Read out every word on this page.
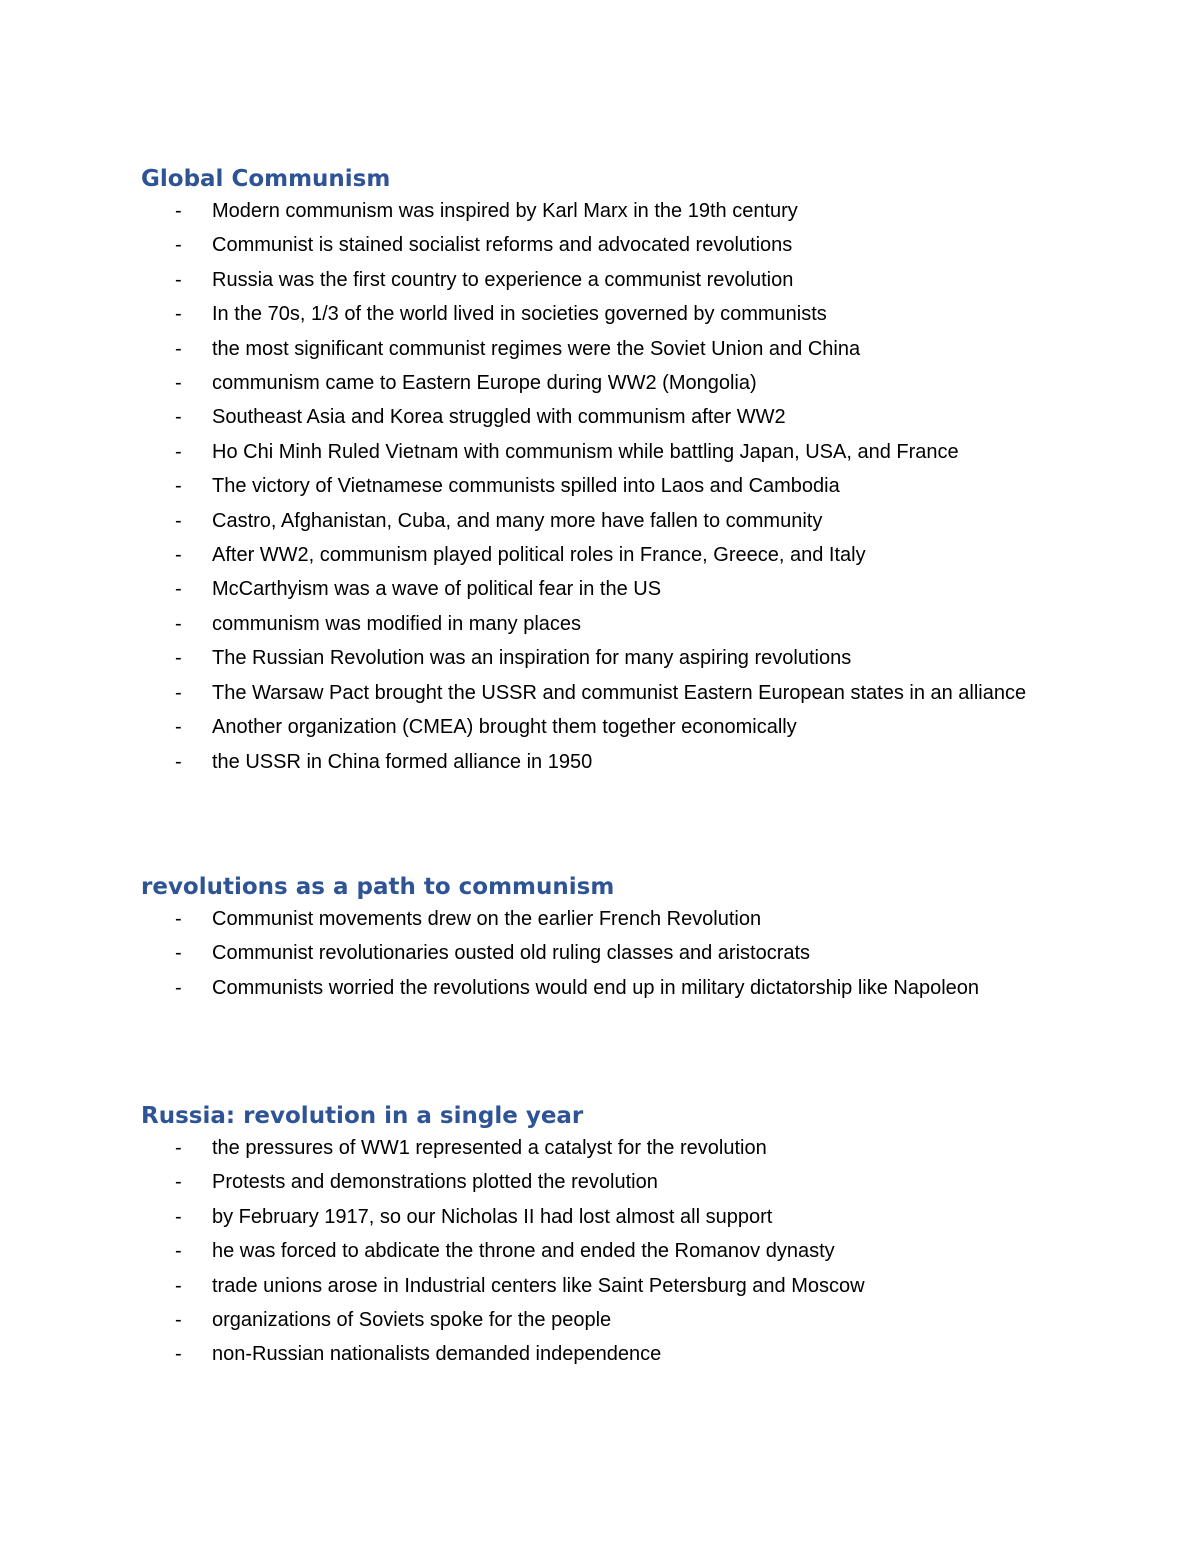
Global Communism
-	Modern communism was inspired by Karl Marx in the 19th century
-	Communist is stained socialist reforms and advocated revolutions
-	Russia was the first country to experience a communist revolution
-	In the 70s, 1/3 of the world lived in societies governed by communists
-	the most significant communist regimes were the Soviet Union and China
-	communism came to Eastern Europe during WW2 (Mongolia)
-	Southeast Asia and Korea struggled with communism after WW2
-	Ho Chi Minh Ruled Vietnam with communism while battling Japan, USA, and France
-	The victory of Vietnamese communists spilled into Laos and Cambodia
-	Castro, Afghanistan, Cuba, and many more have fallen to community
-	After WW2, communism played political roles in France, Greece, and Italy
-	McCarthyism was a wave of political fear in the US
-	communism was modified in many places
-	The Russian Revolution was an inspiration for many aspiring revolutions
-	The Warsaw Pact brought the USSR and communist Eastern European states in an alliance
-	Another organization (CMEA) brought them together economically
-	the USSR in China formed alliance in 1950
revolutions as a path to communism
-	Communist movements drew on the earlier French Revolution
-	Communist revolutionaries ousted old ruling classes and aristocrats
-	Communists worried the revolutions would end up in military dictatorship like Napoleon
Russia: revolution in a single year
-	the pressures of WW1 represented a catalyst for the revolution
-	Protests and demonstrations plotted the revolution
-	by February 1917, so our Nicholas II had lost almost all support
-	he was forced to abdicate the throne and ended the Romanov dynasty
-	trade unions arose in Industrial centers like Saint Petersburg and Moscow
-	organizations of Soviets spoke for the people
-	non-Russian nationalists demanded independence
